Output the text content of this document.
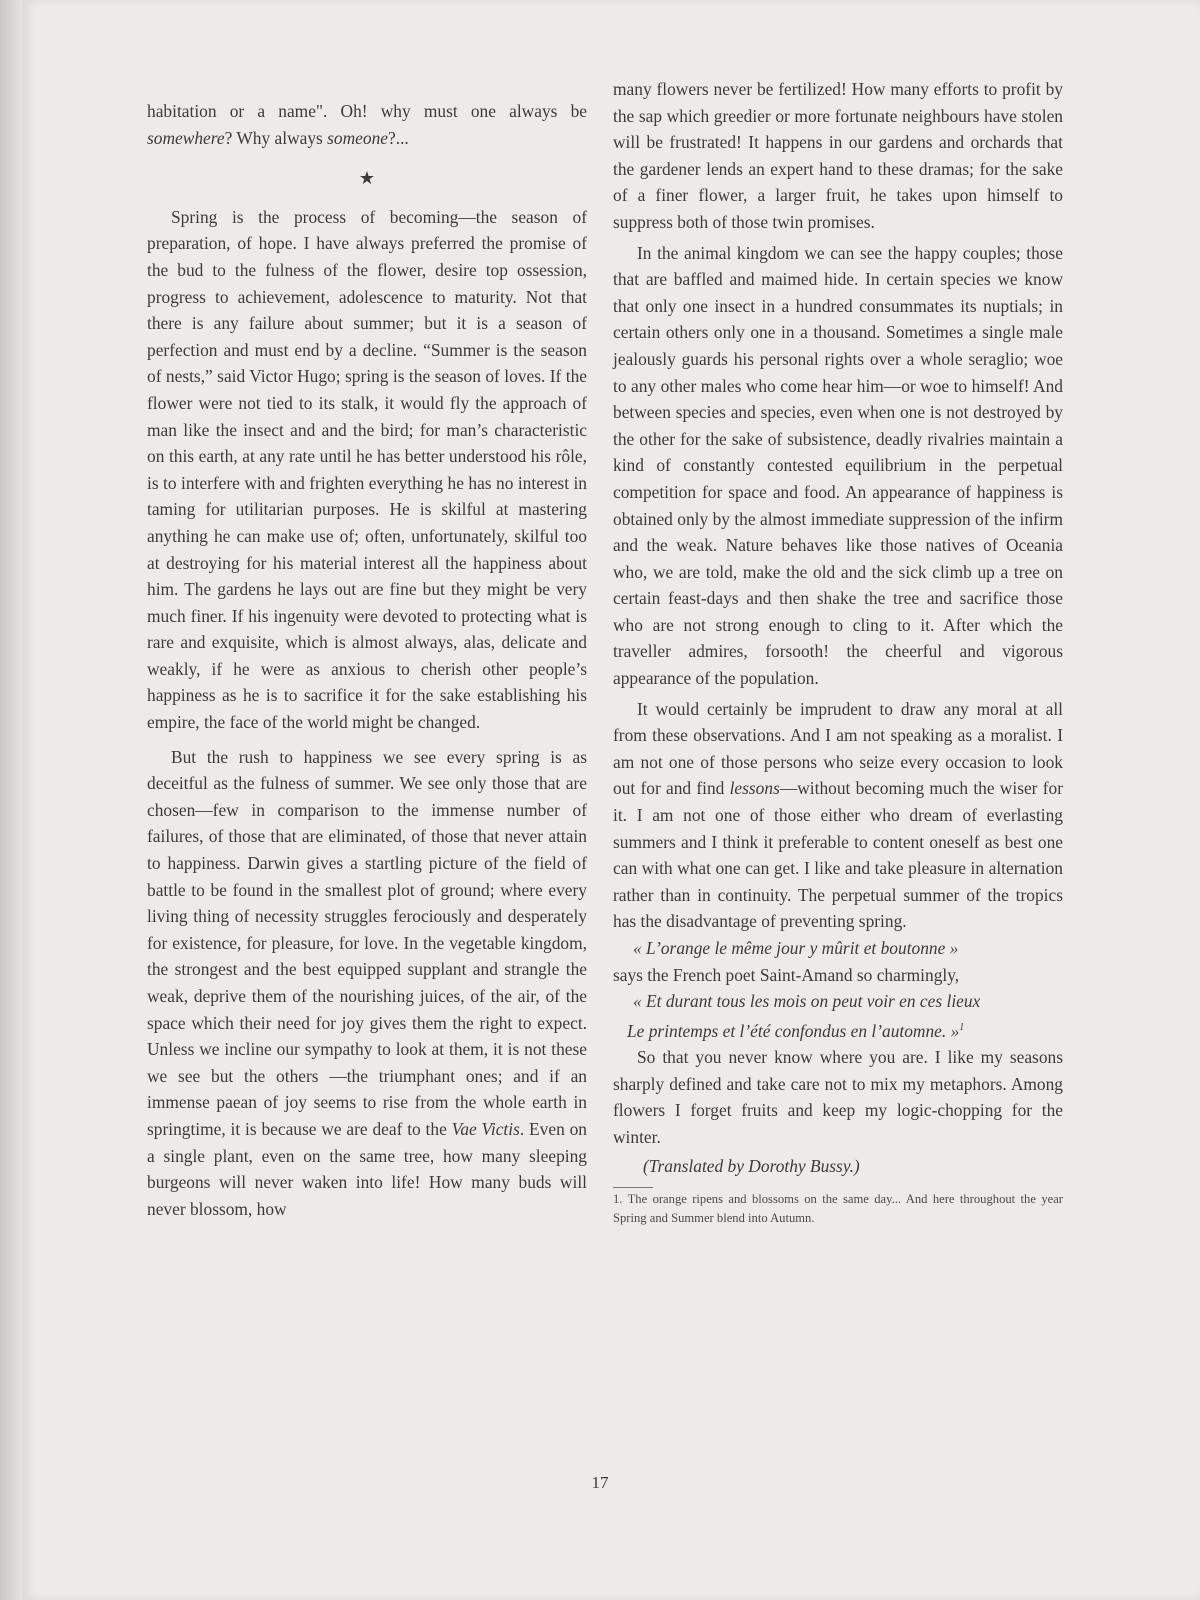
habitation or a name". Oh! why must one always be somewhere? Why always someone?...

★

Spring is the process of becoming—the season of preparation, of hope. I have always preferred the promise of the bud to the fulness of the flower, desire top ossession, progress to achievement, adolescence to maturity. Not that there is any failure about summer; but it is a season of perfection and must end by a decline. “Summer is the season of nests,” said Victor Hugo; spring is the season of loves. If the flower were not tied to its stalk, it would fly the approach of man like the insect and and the bird; for man’s characteristic on this earth, at any rate until he has better understood his rôle, is to interfere with and frighten everything he has no interest in taming for utilitarian purposes. He is skilful at mastering anything he can make use of; often, unfortunately, skilful too at destroying for his material interest all the happiness about him. The gardens he lays out are fine but they might be very much finer. If his ingenuity were devoted to protecting what is rare and exquisite, which is almost always, alas, delicate and weakly, if he were as anxious to cherish other people’s happiness as he is to sacrifice it for the sake establishing his empire, the face of the world might be changed.

But the rush to happiness we see every spring is as deceitful as the fulness of summer. We see only those that are chosen—few in comparison to the immense number of failures, of those that are eliminated, of those that never attain to happiness. Darwin gives a startling picture of the field of battle to be found in the smallest plot of ground; where every living thing of necessity struggles ferociously and desperately for existence, for pleasure, for love. In the vegetable kingdom, the strongest and the best equipped supplant and strangle the weak, deprive them of the nourishing juices, of the air, of the space which their need for joy gives them the right to expect. Unless we incline our sympathy to look at them, it is not these we see but the others —the triumphant ones; and if an immense paean of joy seems to rise from the whole earth in springtime, it is because we are deaf to the Vae Victis. Even on a single plant, even on the same tree, how many sleeping burgeons will never waken into life! How many buds will never blossom, how

many flowers never be fertilized! How many efforts to profit by the sap which greedier or more fortunate neighbours have stolen will be frustrated! It happens in our gardens and orchards that the gardener lends an expert hand to these dramas; for the sake of a finer flower, a larger fruit, he takes upon himself to suppress both of those twin promises.

In the animal kingdom we can see the happy couples; those that are baffled and maimed hide. In certain species we know that only one insect in a hundred consummates its nuptials; in certain others only one in a thousand. Sometimes a single male jealously guards his personal rights over a whole seraglio; woe to any other males who come hear him—or woe to himself! And between species and species, even when one is not destroyed by the other for the sake of subsistence, deadly rivalries maintain a kind of constantly contested equilibrium in the perpetual competition for space and food. An appearance of happiness is obtained only by the almost immediate suppression of the infirm and the weak. Nature behaves like those natives of Oceania who, we are told, make the old and the sick climb up a tree on certain feast-days and then shake the tree and sacrifice those who are not strong enough to cling to it. After which the traveller admires, forsooth! the cheerful and vigorous appearance of the population.

It would certainly be imprudent to draw any moral at all from these observations. And I am not speaking as a moralist. I am not one of those persons who seize every occasion to look out for and find lessons—without becoming much the wiser for it. I am not one of those either who dream of everlasting summers and I think it preferable to content oneself as best one can with what one can get. I like and take pleasure in alternation rather than in continuity. The perpetual summer of the tropics has the disadvantage of preventing spring.

« L’orange le même jour y mûrit et boutonne »
says the French poet Saint-Amand so charmingly,
« Et durant tous les mois on peut voir en ces lieux
Le printemps et l’été confondus en l’automne. »$^1$

So that you never know where you are. I like my seasons sharply defined and take care not to mix my metaphors. Among flowers I forget fruits and keep my logic-chopping for the winter.

(Translated by Dorothy Bussy.)
1. The orange ripens and blossoms on the same day... And here throughout the year Spring and Summer blend into Autumn.
17
